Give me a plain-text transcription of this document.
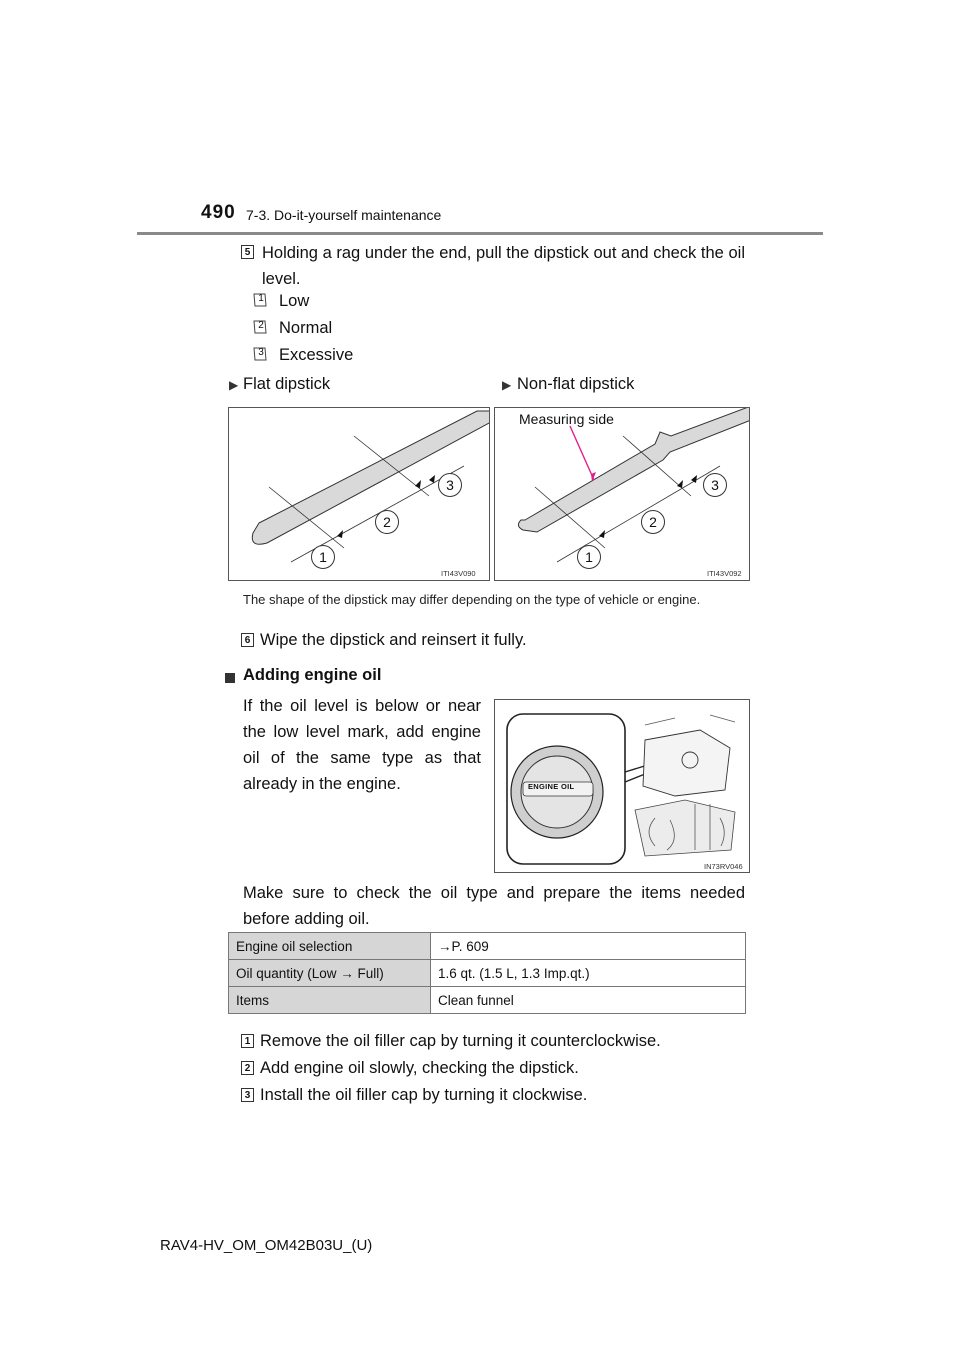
490 7-3. Do-it-yourself maintenance
5 Holding a rag under the end, pull the dipstick out and check the oil level.
1 Low
2 Normal
3 Excessive
▶ Flat dipstick	▶ Non-flat dipstick
1
2
3
ITI43V090
Measuring side
1
2
3
ITI43V092
The shape of the dipstick may differ depending on the type of vehicle or engine.
6 Wipe the dipstick and reinsert it fully.
Adding engine oil
If the oil level is below or near the low level mark, add engine oil of the same type as that already in the engine.	ENGINE OIL
IN73RV046
Make sure to check the oil type and prepare the items needed before adding oil.
Engine oil selection	→P. 609
Oil quantity (Low → Full)	1.6 qt. (1.5 L, 1.3 Imp.qt.)
Items	Clean funnel
1 Remove the oil filler cap by turning it counterclockwise.
2 Add engine oil slowly, checking the dipstick.
3 Install the oil filler cap by turning it clockwise.
RAV4-HV_OM_OM42B03U_(U)
